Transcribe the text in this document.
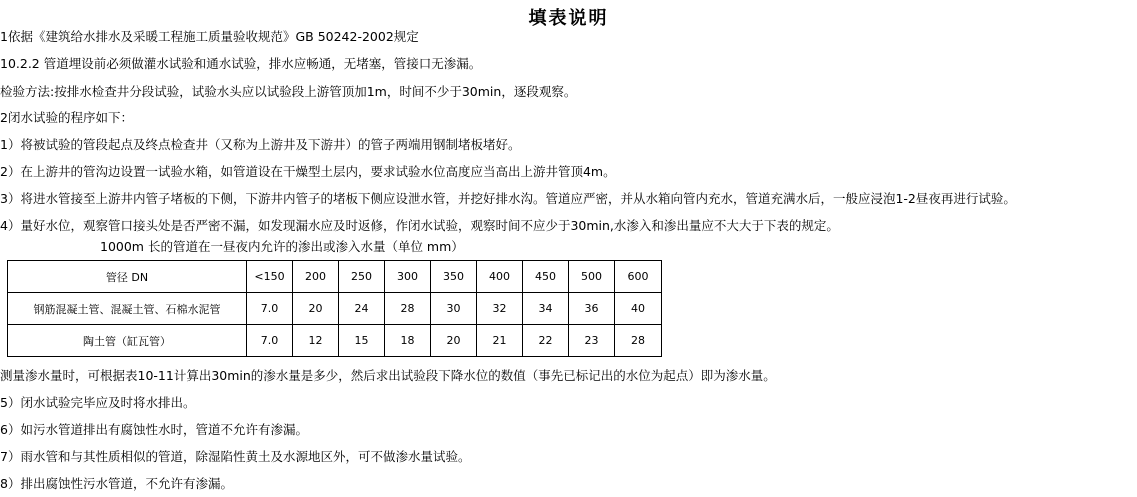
填表说明
1依据《建筑给水排水及采暖工程施工质量验收规范》GB 50242-2002规定
10.2.2 管道埋设前必须做灌水试验和通水试验，排水应畅通，无堵塞，管接口无渗漏。
检验方法:按排水检查井分段试验，试验水头应以试验段上游管顶加1m，时间不少于30min，逐段观察。
2闭水试验的程序如下：
1）将被试验的管段起点及终点检查井（又称为上游井及下游井）的管子两端用钢制堵板堵好。
2）在上游井的管沟边设置一试验水箱，如管道设在干燥型土层内，要求试验水位高度应当高出上游井管顶4m。
3）将进水管接至上游井内管子堵板的下侧，下游井内管子的堵板下侧应设泄水管，并挖好排水沟。管道应严密，并从水箱向管内充水，管道充满水后，一般应浸泡1-2昼夜再进行试验。
4）量好水位，观察管口接头处是否严密不漏，如发现漏水应及时返修，作闭水试验，观察时间不应少于30min,水渗入和渗出量应不大大于下表的规定。
1000m 长的管道在一昼夜内允许的渗出或渗入水量（单位 mm）
管径 DN	<150	200	250	300	350	400	450	500	600
钢筋混凝土管、混凝土管、石棉水泥管	7.0	20	24	28	30	32	34	36	40
陶土管（缸瓦管）	7.0	12	15	18	20	21	22	23	28
测量渗水量时，可根据表10-11计算出30min的渗水量是多少，然后求出试验段下降水位的数值（事先已标记出的水位为起点）即为渗水量。
5）闭水试验完毕应及时将水排出。
6）如污水管道排出有腐蚀性水时，管道不允许有渗漏。
7）雨水管和与其性质相似的管道，除湿陷性黄土及水源地区外，可不做渗水量试验。
8）排出腐蚀性污水管道，不允许有渗漏。
